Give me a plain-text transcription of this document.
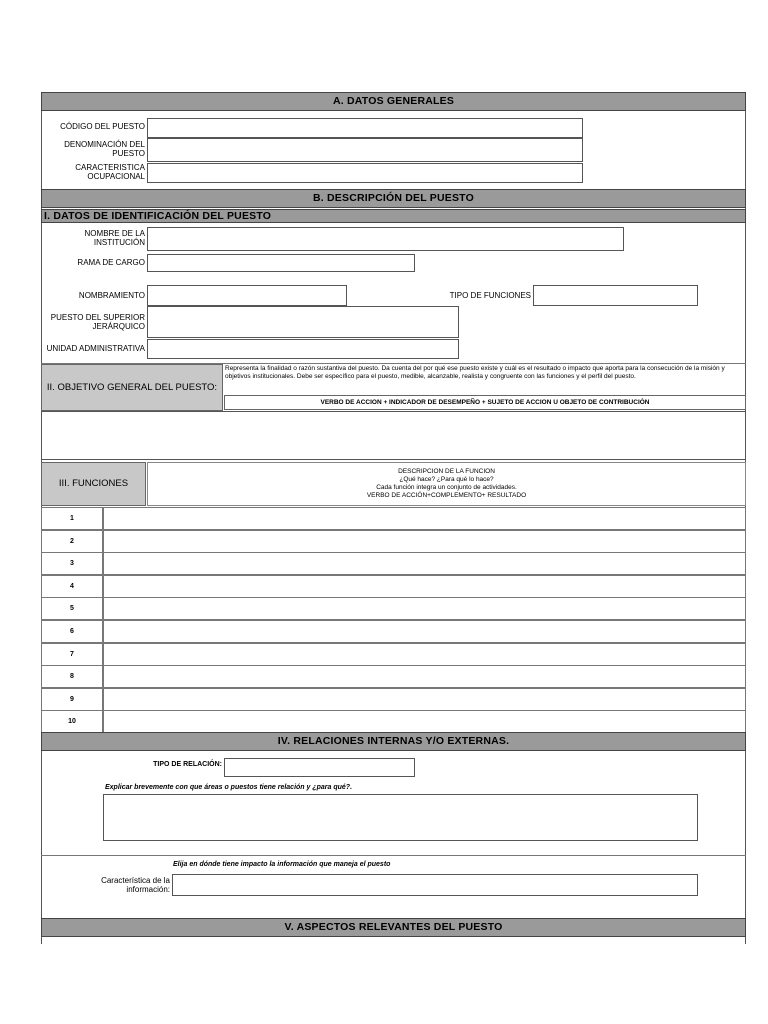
A. DATOS GENERALES
CÓDIGO DEL PUESTO
DENOMINACIÓN DEL PUESTO
CARACTERISTICA OCUPACIONAL
B. DESCRIPCIÓN DEL PUESTO
I. DATOS DE IDENTIFICACIÓN DEL PUESTO
NOMBRE DE LA INSTITUCIÓN
RAMA DE CARGO
NOMBRAMIENTO	TIPO DE FUNCIONES
PUESTO DEL SUPERIOR JERÁRQUICO
UNIDAD ADMINISTRATIVA
II. OBJETIVO GENERAL DEL PUESTO:
Representa la finalidad o razón sustantiva del puesto. Da cuenta del por qué ese puesto existe y cuál es el resultado o impacto que aporta para la consecución de la misión y objetivos institucionales. Debe ser específico para el puesto, medible, alcanzable, realista y congruente con las funciones y el perfil del puesto.
VERBO DE ACCION + INDICADOR DE DESEMPEÑO + SUJETO DE ACCION U OBJETO DE CONTRIBUCIÓN
III. FUNCIONES
DESCRIPCION DE LA FUNCION
¿Qué hace? ¿Para qué lo hace?
Cada función integra un conjunto de actividades.
VERBO DE ACCIÓN+COMPLEMENTO+ RESULTADO
1
2
3
4
5
6
7
8
9
10
IV. RELACIONES INTERNAS Y/O EXTERNAS.
TIPO DE RELACIÓN:
Explicar brevemente con que áreas o puestos tiene relación y ¿para qué?.
Elija en dónde tiene impacto la información que maneja el puesto
Característica de la información:
V. ASPECTOS RELEVANTES DEL PUESTO
